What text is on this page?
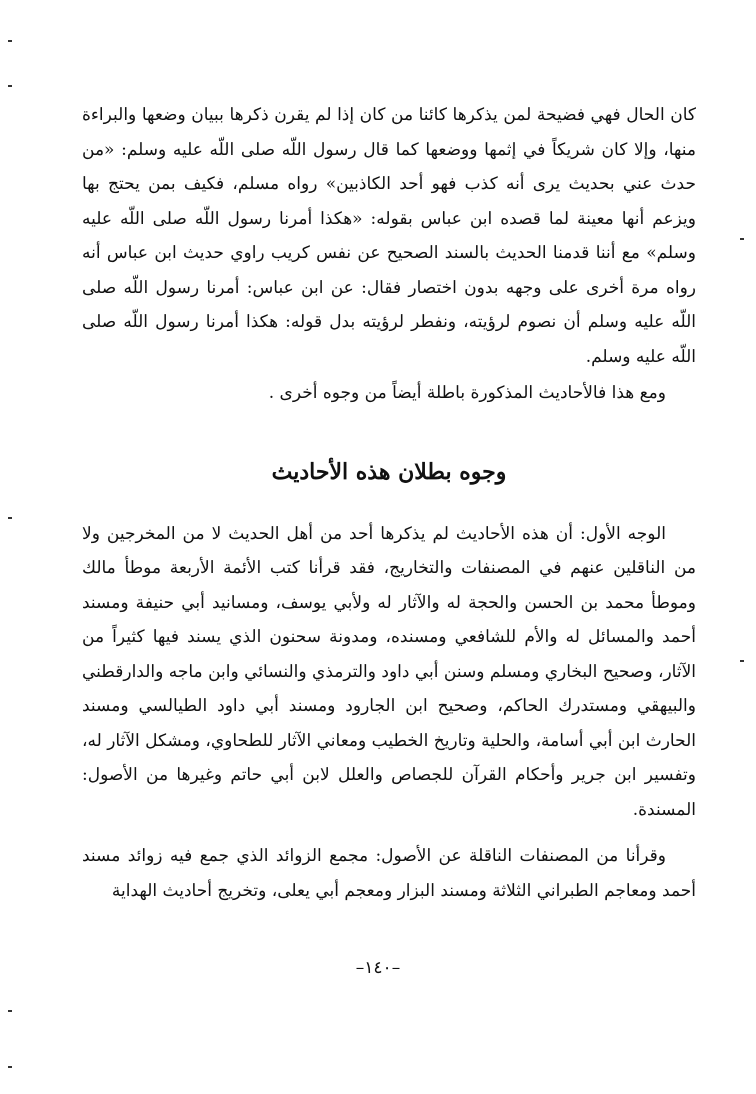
كان الحال فهي فضيحة لمن يذكرها كائنا من كان إذا لم يقرن ذكرها ببيان وضعها والبراءة منها، وإلا كان شريكاً في إثمها ووضعها كما قال رسول اللّه صلى اللّه عليه وسلم: «من حدث عني بحديث يرى أنه كذب فهو أحد الكاذبين» رواه مسلم، فكيف بمن يحتج بها ويزعم أنها معينة لما قصده ابن عباس بقوله: «هكذا أمرنا رسول اللّه صلى اللّه عليه وسلم» مع أننا قدمنا الحديث بالسند الصحيح عن نفس كريب راوي حديث ابن عباس أنه رواه مرة أخرى على وجهه بدون اختصار فقال: عن ابن عباس: أمرنا رسول اللّه صلى اللّه عليه وسلم أن نصوم لرؤيته، ونفطر لرؤيته بدل قوله: هكذا أمرنا رسول اللّه صلى اللّه عليه وسلم.

ومع هذا فالأحاديث المذكورة باطلة أيضاً من وجوه أخرى .

وجوه بطلان هذه الأحاديث

الوجه الأول: أن هذه الأحاديث لم يذكرها أحد من أهل الحديث لا من المخرجين ولا من الناقلين عنهم في المصنفات والتخاريج، فقد قرأنا كتب الأئمة الأربعة موطأ مالك وموطأ محمد بن الحسن والحجة له والآثار له ولأبي يوسف، ومسانيد أبي حنيفة ومسند أحمد والمسائل له والأم للشافعي ومسنده، ومدونة سحنون الذي يسند فيها كثيراً من الآثار، وصحيح البخاري ومسلم وسنن أبي داود والترمذي والنسائي وابن ماجه والدارقطني والبيهقي ومستدرك الحاكم، وصحيح ابن الجارود ومسند أبي داود الطيالسي ومسند الحارث ابن أبي أسامة، والحلية وتاريخ الخطيب ومعاني الآثار للطحاوي، ومشكل الآثار له، وتفسير ابن جرير وأحكام القرآن للجصاص والعلل لابن أبي حاتم وغيرها من الأصول: المسندة.

وقرأنا من المصنفات الناقلة عن الأصول: مجمع الزوائد الذي جمع فيه زوائد مسند أحمد ومعاجم الطبراني الثلاثة ومسند البزار ومعجم أبي يعلى، وتخريج أحاديث الهداية

–١٤٠–
